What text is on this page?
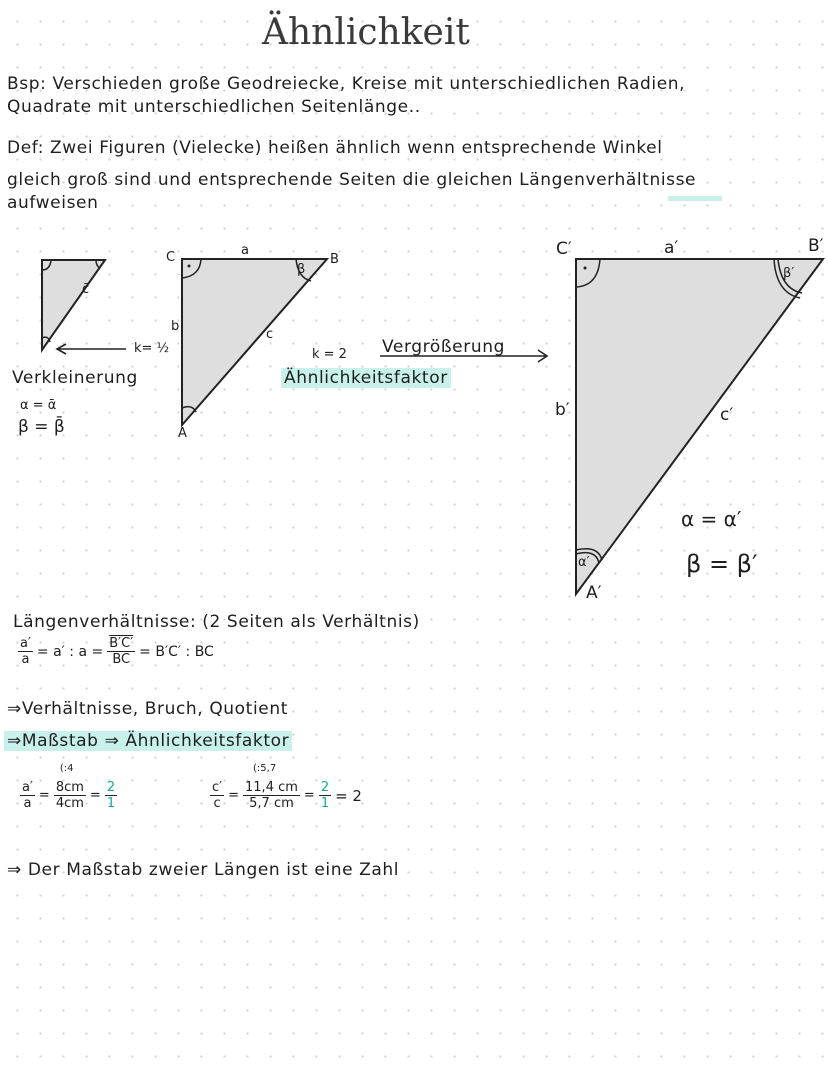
Ähnlichkeit
Bsp: Verschieden große Geodreiecke, Kreise mit unterschiedlichen Radien,
Quadrate mit unterschiedlichen Seitenlänge..
Def: Zwei Figuren (Vielecke) heißen ähnlich wenn entsprechende Winkel
gleich groß sind und entsprechende Seiten die gleichen Längenverhältnisse
aufweisen
c̄
k= ½
Verkleinerung
α = ᾱ
β = β̄
C	a
B
β
b
c
A
k = 2 Vergrößerung
Ähnlichkeitsfaktor
C′	a′	B′
β′
b′	c′
α′
A′
α = α′
β = β′
Längenverhältnisse: (2 Seiten als Verhältnis)
$\frac{a'}{a} = a'$ : $a = \frac{B'C'}{BC} = B'C'$ : BC
⇒Verhältnisse, Bruch, Quotient
⇒Maßstab ⇒ Ähnlichkeitsfaktor
$\frac{a'}{a}$ =
(:4
$\frac{8cm}{4cm} = \frac{2}{1}$	$\frac{c'}{c}$ =
(:5,7
$\frac{11,4 cm}{5,7 cm} = \frac{2}{1} = 2$
⇒ Der Maßstab zweier Längen ist eine Zahl
